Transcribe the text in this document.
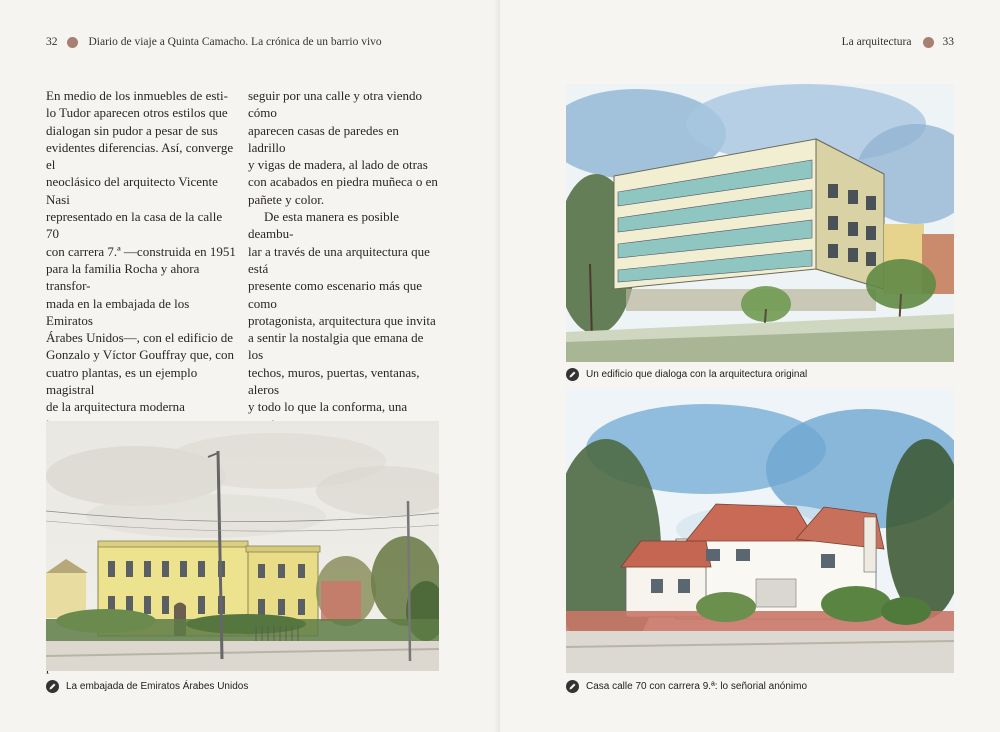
32	Diario de viaje a Quinta Camacho. La crónica de un barrio vivo

En medio de los inmuebles de esti-
lo Tudor aparecen otros estilos que
dialogan sin pudor a pesar de sus
evidentes diferencias. Así, converge el
neoclásico del arquitecto Vicente Nasi
representado en la casa de la calle 70
con carrera 7.ª —construida en 1951
para la familia Rocha y ahora transfor-
mada en la embajada de los Emiratos
Árabes Unidos—, con el edificio de
Gonzalo y Víctor Gouffray que, con
cuatro plantas, es un ejemplo magistral
de la arquitectura moderna

seguir por una calle y otra viendo cómo
aparecen casas de paredes en ladrillo
y vigas de madera, al lado de otras
con acabados en piedra muñeca o en
pañete y color.

De esta manera es posible deambu-
lar a través de una arquitectura que está
presente como escenario más que como
protagonista, arquitectura que invita
a sentir la nostalgia que emana de los
techos, muros, puertas, ventanas, aleros
y todo lo que la conforma, una

La embajada de Emiratos Árabes Unidos
La arquitectura	33
Un edificio que dialoga con la arquitectura original
Casa calle 70 con carrera 9.ª: lo señorial anónimo
